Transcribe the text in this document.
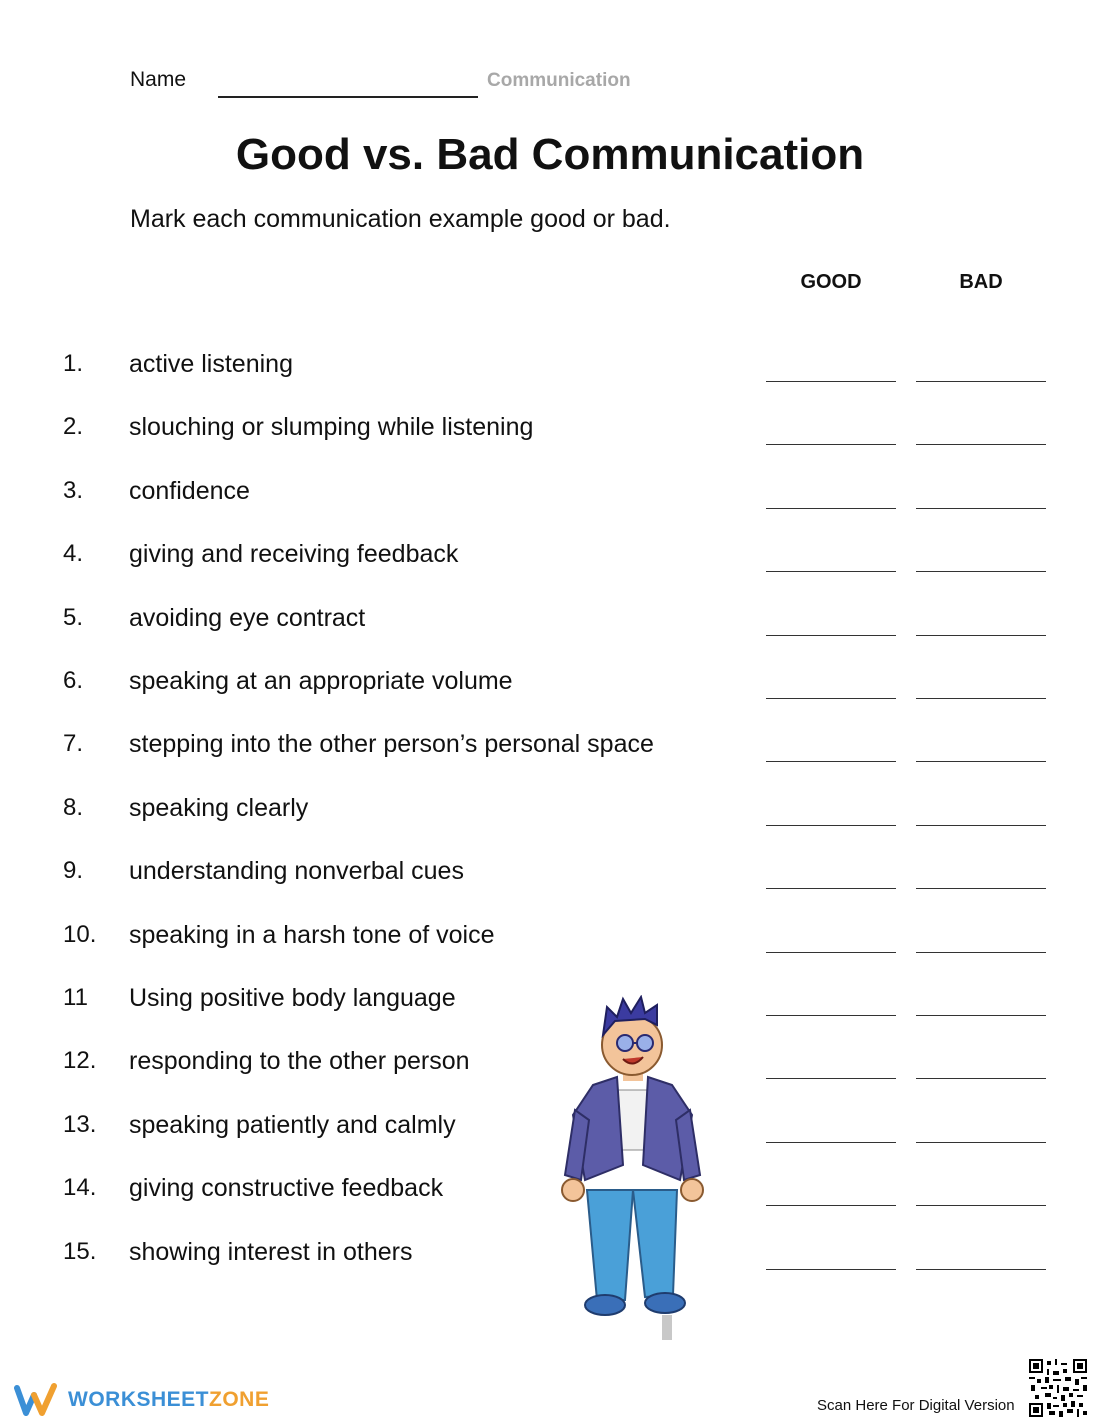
Name	Communication
Good vs. Bad Communication
Mark each communication example good or bad.
GOOD	BAD
1. active listening
2. slouching or slumping while listening
3. confidence
4. giving and receiving feedback
5. avoiding eye contract
6. speaking at an appropriate volume
7. stepping into the other person’s personal space
8. speaking clearly
9. understanding nonverbal cues
10. speaking in a harsh tone of voice
11 Using positive body language
12. responding to the other person
13. speaking patiently and calmly
14. giving constructive feedback
15. showing interest in others
WORKSHEETZONE	Scan Here For Digital Version
